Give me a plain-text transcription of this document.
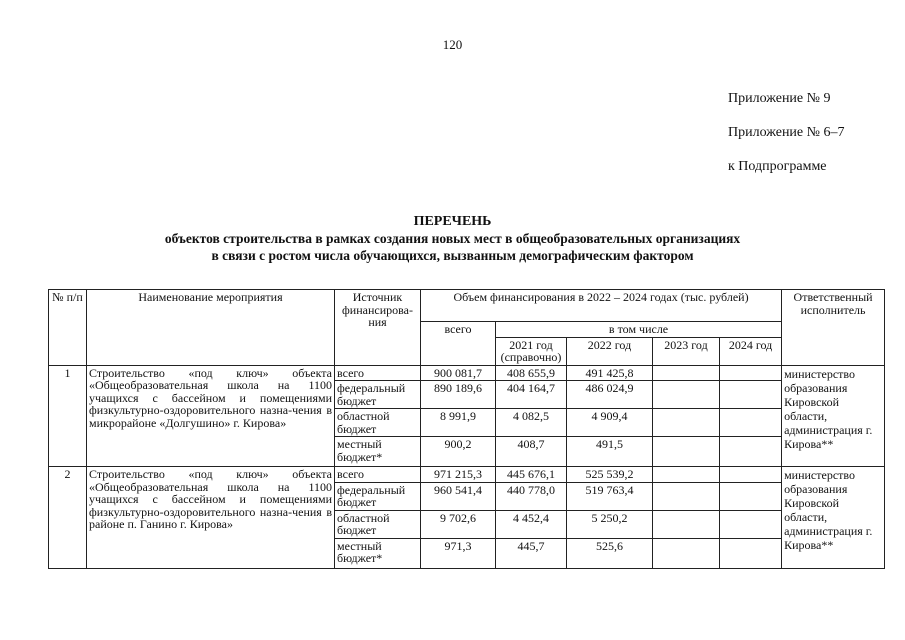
120
Приложение № 9
Приложение № 6–7
к Подпрограмме
ПЕРЕЧЕНЬ
объектов строительства в рамках создания новых мест в общеобразовательных организациях
в связи с ростом числа обучающихся, вызванным демографическим фактором
№ п/п	Наименование мероприятия	Источник финансирова-ния	Объем финансирования в 2022 – 2024 годах (тыс. рублей)					Ответственный исполнитель
			всего	в том числе				
				2021 год (справочно)	2022 год	2023 год	2024 год	
1	Строительство «под ключ» объекта «Общеобразовательная школа на 1100 учащихся с бассейном и помещениями физкультурно-оздоровительного назна-чения в микрорайоне «Долгушино» г. Кирова»	всего	900 081,7	408 655,9	491 425,8			министерство образования Кировской области, администрация г. Кирова**
		федеральный бюджет	890 189,6	404 164,7	486 024,9			
		областной бюджет	8 991,9	4 082,5	4 909,4			
		местный бюджет*	900,2	408,7	491,5			
2	Строительство «под ключ» объекта «Общеобразовательная школа на 1100 учащихся с бассейном и помещениями физкультурно-оздоровительного назна-чения в районе п. Ганино г. Кирова»	всего	971 215,3	445 676,1	525 539,2			министерство образования Кировской области, администрация г. Кирова**
		федеральный бюджет	960 541,4	440 778,0	519 763,4			
		областной бюджет	9 702,6	4 452,4	5 250,2			
		местный бюджет*	971,3	445,7	525,6			
